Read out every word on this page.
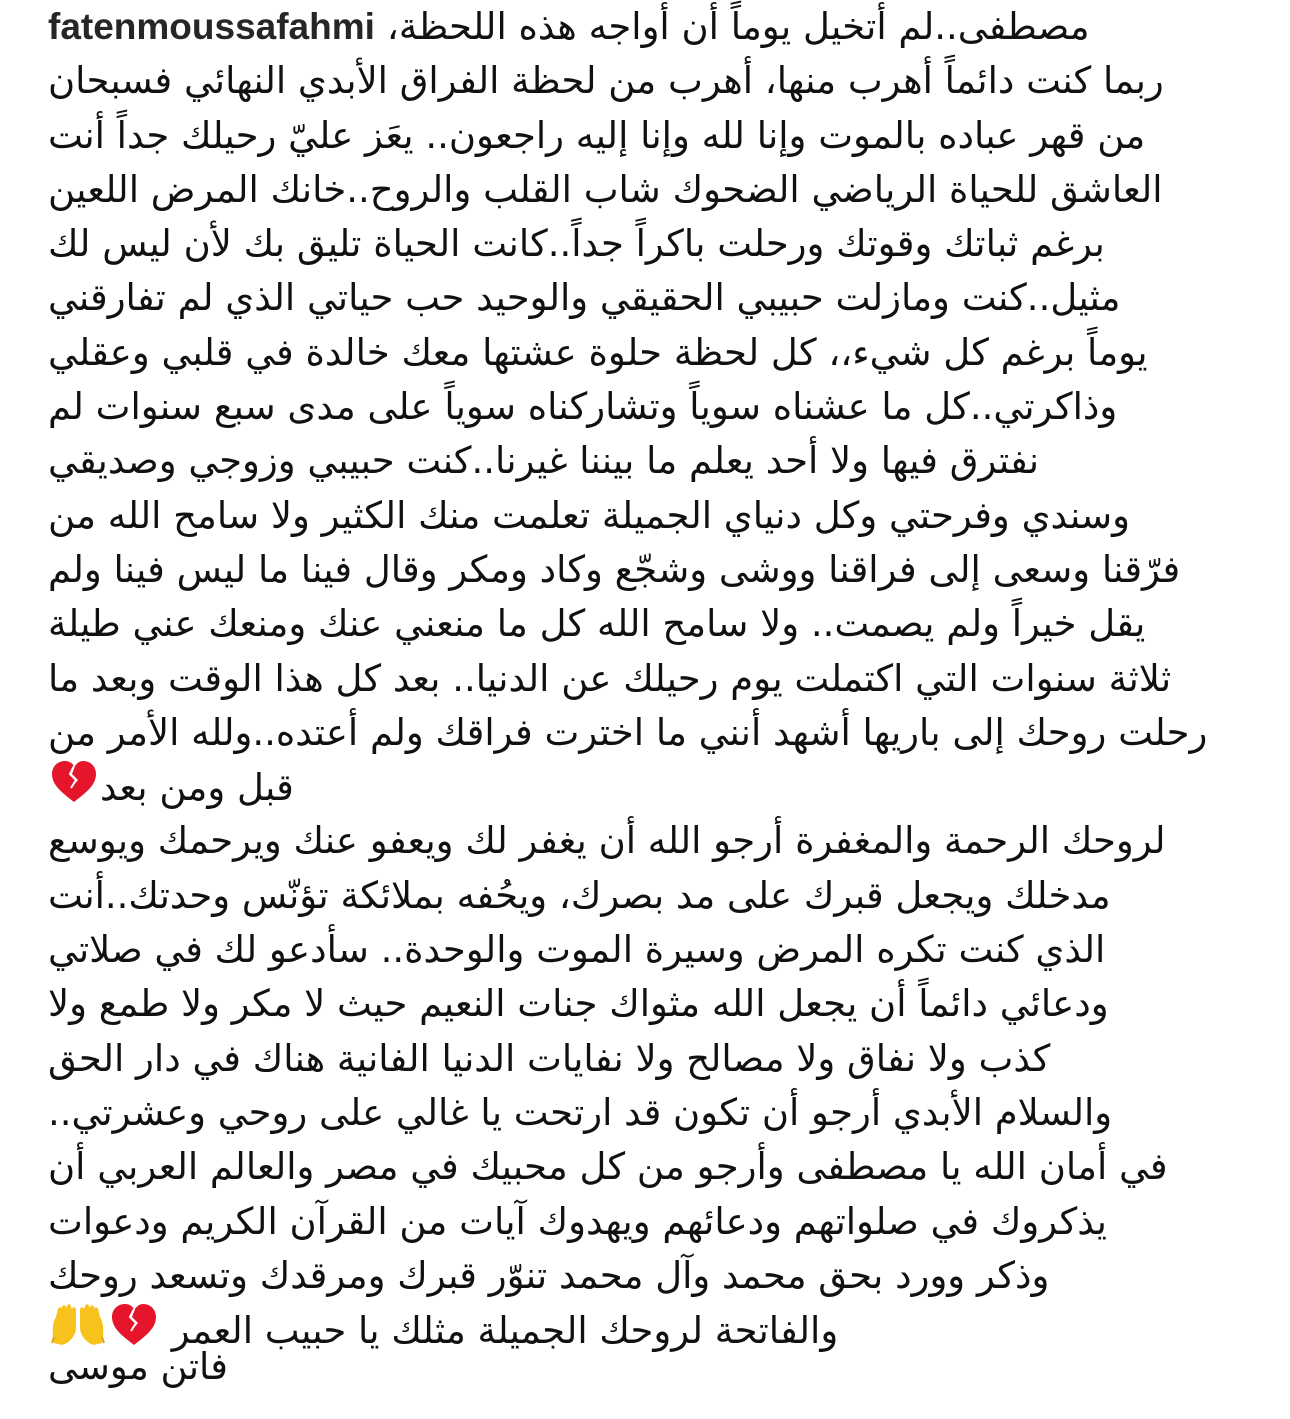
fatenmoussafahmi مصطفى..لم أتخيل يوماً أن أواجه هذه اللحظة،
ربما كنت دائماً أهرب منها، أهرب من لحظة الفراق الأبدي النهائي فسبحان
من قهر عباده بالموت وإنا لله وإنا إليه راجعون.. يعَز عليّ رحيلك جداً أنت
العاشق للحياة الرياضي الضحوك شاب القلب والروح..خانك المرض اللعين
برغم ثباتك وقوتك ورحلت باكراً جداً..كانت الحياة تليق بك لأن ليس لك
مثيل..كنت ومازلت حبيبي الحقيقي والوحيد حب حياتي الذي لم تفارقني
يوماً برغم كل شيء،، كل لحظة حلوة عشتها معك خالدة في قلبي وعقلي
وذاكرتي..كل ما عشناه سوياً وتشاركناه سوياً على مدى سبع سنوات لم
نفترق فيها ولا أحد يعلم ما بيننا غيرنا..كنت حبيبي وزوجي وصديقي
وسندي وفرحتي وكل دنياي الجميلة تعلمت منك الكثير ولا سامح الله من
فرّقنا وسعى إلى فراقنا ووشى وشجّع وكاد ومكر وقال فينا ما ليس فينا ولم
يقل خيراً ولم يصمت.. ولا سامح الله كل ما منعني عنك ومنعك عني طيلة
ثلاثة سنوات التي اكتملت يوم رحيلك عن الدنيا.. بعد كل هذا الوقت وبعد ما
رحلت روحك إلى باريها أشهد أنني ما اخترت فراقك ولم أعتده..ولله الأمر من
قبل ومن بعد
لروحك الرحمة والمغفرة أرجو الله أن يغفر لك ويعفو عنك ويرحمك ويوسع
مدخلك ويجعل قبرك على مد بصرك، ويحُفه بملائكة تؤنّس وحدتك..أنت
الذي كنت تكره المرض وسيرة الموت والوحدة.. سأدعو لك في صلاتي
ودعائي دائماً أن يجعل الله مثواك جنات النعيم حيث لا مكر ولا طمع ولا
كذب ولا نفاق ولا مصالح ولا نفايات الدنيا الفانية هناك في دار الحق
والسلام الأبدي أرجو أن تكون قد ارتحت يا غالي على روحي وعشرتي..
في أمان الله يا مصطفى وأرجو من كل محبيك في مصر والعالم العربي أن
يذكروك في صلواتهم ودعائهم ويهدوك آيات من القرآن الكريم ودعوات
وذكر وورد بحق محمد وآل محمد تنوّر قبرك ومرقدك وتسعد روحك
والفاتحة لروحك الجميلة مثلك يا حبيب العمر
فاتن موسى
